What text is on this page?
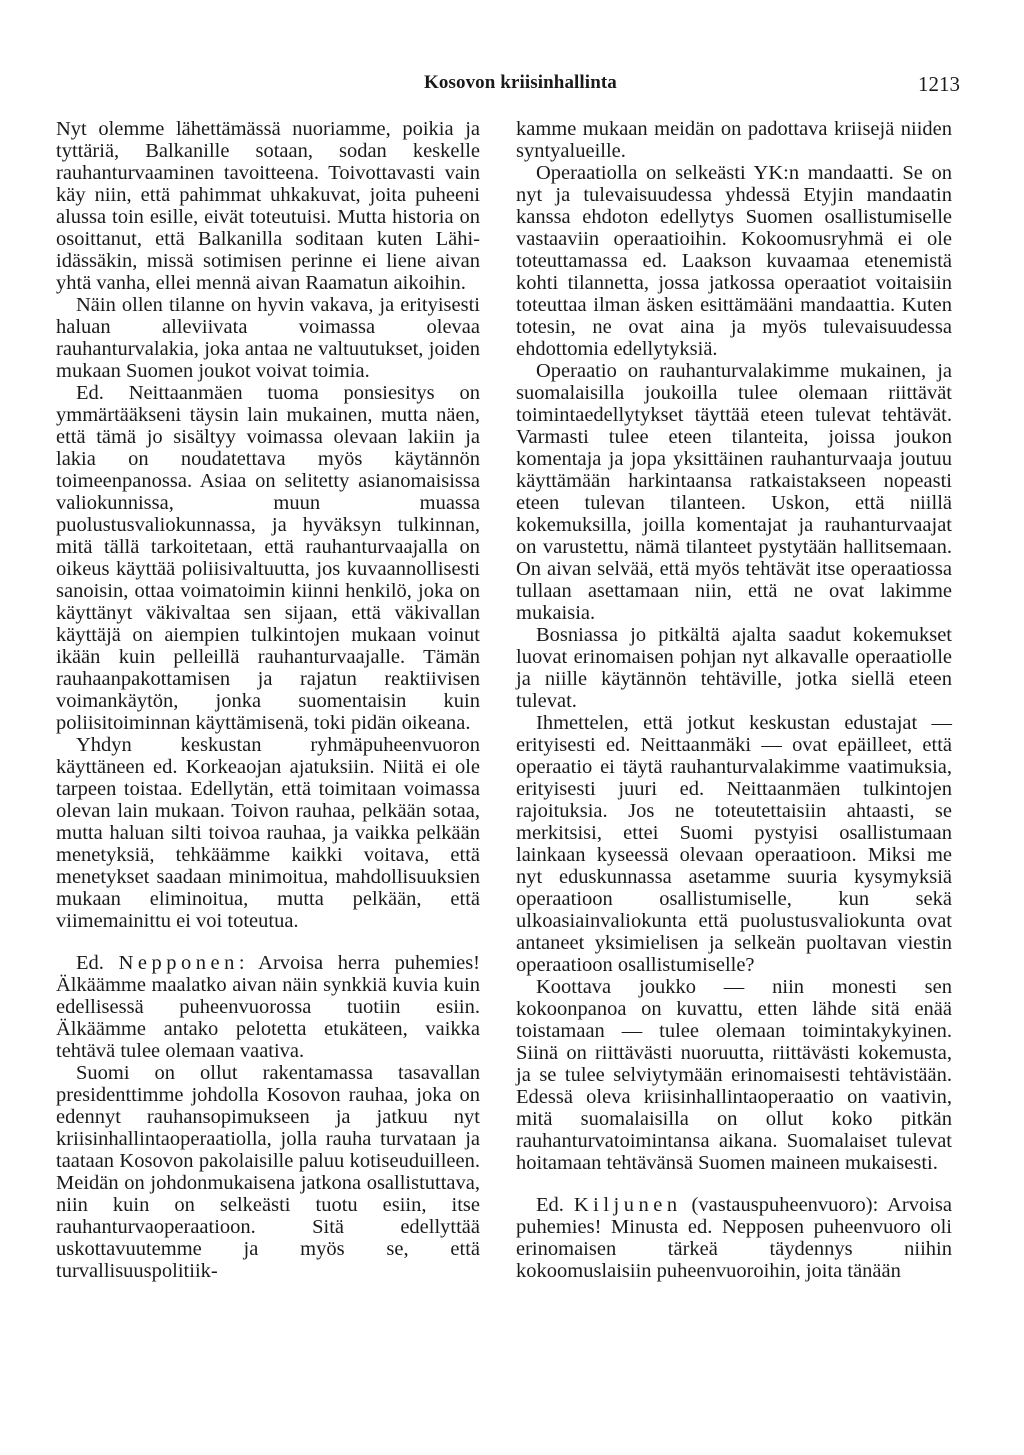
Kosovon kriisinhallinta	1213

Nyt olemme lähettämässä nuoriamme, poikia ja tyttäriä, Balkanille sotaan, sodan keskelle rauhanturvaaminen tavoitteena. Toivottavasti vain käy niin, että pahimmat uhkakuvat, joita puheeni alussa toin esille, eivät toteutuisi. Mutta historia on osoittanut, että Balkanilla soditaan kuten Lähi-idässäkin, missä sotimisen perinne ei liene aivan yhtä vanha, ellei mennä aivan Raamatun aikoihin.

Näin ollen tilanne on hyvin vakava, ja erityisesti haluan alleviivata voimassa olevaa rauhanturvalakia, joka antaa ne valtuutukset, joiden mukaan Suomen joukot voivat toimia.

Ed. Neittaanmäen tuoma ponsiesitys on ymmärtääkseni täysin lain mukainen, mutta näen, että tämä jo sisältyy voimassa olevaan lakiin ja lakia on noudatettava myös käytännön toimeenpanossa. Asiaa on selitetty asianomaisissa valiokunnissa, muun muassa puolustusvaliokunnassa, ja hyväksyn tulkinnan, mitä tällä tarkoitetaan, että rauhanturvaajalla on oikeus käyttää poliisivaltuutta, jos kuvaannollisesti sanoisin, ottaa voimatoimin kiinni henkilö, joka on käyttänyt väkivaltaa sen sijaan, että väkivallan käyttäjä on aiempien tulkintojen mukaan voinut ikään kuin pelleillä rauhanturvaajalle. Tämän rauhaanpakottamisen ja rajatun reaktiivisen voimankäytön, jonka suomentaisin kuin poliisitoiminnan käyttämisenä, toki pidän oikeana.

Yhdyn keskustan ryhmäpuheenvuoron käyttäneen ed. Korkeaojan ajatuksiin. Niitä ei ole tarpeen toistaa. Edellytän, että toimitaan voimassa olevan lain mukaan. Toivon rauhaa, pelkään sotaa, mutta haluan silti toivoa rauhaa, ja vaikka pelkään menetyksiä, tehkäämme kaikki voitava, että menetykset saadaan minimoitua, mahdollisuuksien mukaan eliminoitua, mutta pelkään, että viimemainittu ei voi toteutua.

Ed. Nepponen: Arvoisa herra puhemies! Älkäämme maalatko aivan näin synkkiä kuvia kuin edellisessä puheenvuorossa tuotiin esiin. Älkäämme antako pelotetta etukäteen, vaikka tehtävä tulee olemaan vaativa.

Suomi on ollut rakentamassa tasavallan presidenttimme johdolla Kosovon rauhaa, joka on edennyt rauhansopimukseen ja jatkuu nyt kriisinhallintaoperaatiolla, jolla rauha turvataan ja taataan Kosovon pakolaisille paluu kotiseuduilleen. Meidän on johdonmukaisena jatkona osallistuttava, niin kuin on selkeästi tuotu esiin, itse rauhanturvaoperaatioon. Sitä edellyttää uskottavuutemme ja myös se, että turvallisuuspolitiik-

kamme mukaan meidän on padottava kriisejä niiden syntyalueille.

Operaatiolla on selkeästi YK:n mandaatti. Se on nyt ja tulevaisuudessa yhdessä Etyjin mandaatin kanssa ehdoton edellytys Suomen osallistumiselle vastaaviin operaatioihin. Kokoomusryhmä ei ole toteuttamassa ed. Laakson kuvaamaa etenemistä kohti tilannetta, jossa jatkossa operaatiot voitaisiin toteuttaa ilman äsken esittämääni mandaattia. Kuten totesin, ne ovat aina ja myös tulevaisuudessa ehdottomia edellytyksiä.

Operaatio on rauhanturvalakimme mukainen, ja suomalaisilla joukoilla tulee olemaan riittävät toimintaedellytykset täyttää eteen tulevat tehtävät. Varmasti tulee eteen tilanteita, joissa joukon komentaja ja jopa yksittäinen rauhanturvaaja joutuu käyttämään harkintaansa ratkaistakseen nopeasti eteen tulevan tilanteen. Uskon, että niillä kokemuksilla, joilla komentajat ja rauhanturvaajat on varustettu, nämä tilanteet pystytään hallitsemaan. On aivan selvää, että myös tehtävät itse operaatiossa tullaan asettamaan niin, että ne ovat lakimme mukaisia.

Bosniassa jo pitkältä ajalta saadut kokemukset luovat erinomaisen pohjan nyt alkavalle operaatiolle ja niille käytännön tehtäville, jotka siellä eteen tulevat.

Ihmettelen, että jotkut keskustan edustajat — erityisesti ed. Neittaanmäki — ovat epäilleet, että operaatio ei täytä rauhanturvalakimme vaatimuksia, erityisesti juuri ed. Neittaanmäen tulkintojen rajoituksia. Jos ne toteutettaisiin ahtaasti, se merkitsisi, ettei Suomi pystyisi osallistumaan lainkaan kyseessä olevaan operaatioon. Miksi me nyt eduskunnassa asetamme suuria kysymyksiä operaatioon osallistumiselle, kun sekä ulkoasiainvaliokunta että puolustusvaliokunta ovat antaneet yksimielisen ja selkeän puoltavan viestin operaatioon osallistumiselle?

Koottava joukko — niin monesti sen kokoonpanoa on kuvattu, etten lähde sitä enää toistamaan — tulee olemaan toimintakykyinen. Siinä on riittävästi nuoruutta, riittävästi kokemusta, ja se tulee selviytymään erinomaisesti tehtävistään. Edessä oleva kriisinhallintaoperaatio on vaativin, mitä suomalaisilla on ollut koko pitkän rauhanturvatoimintansa aikana. Suomalaiset tulevat hoitamaan tehtävänsä Suomen maineen mukaisesti.

Ed. Kiljunen (vastauspuheenvuoro): Arvoisa puhemies! Minusta ed. Nepposen puheenvuoro oli erinomaisen tärkeä täydennys niihin kokoomuslaisiin puheenvuoroihin, joita tänään
